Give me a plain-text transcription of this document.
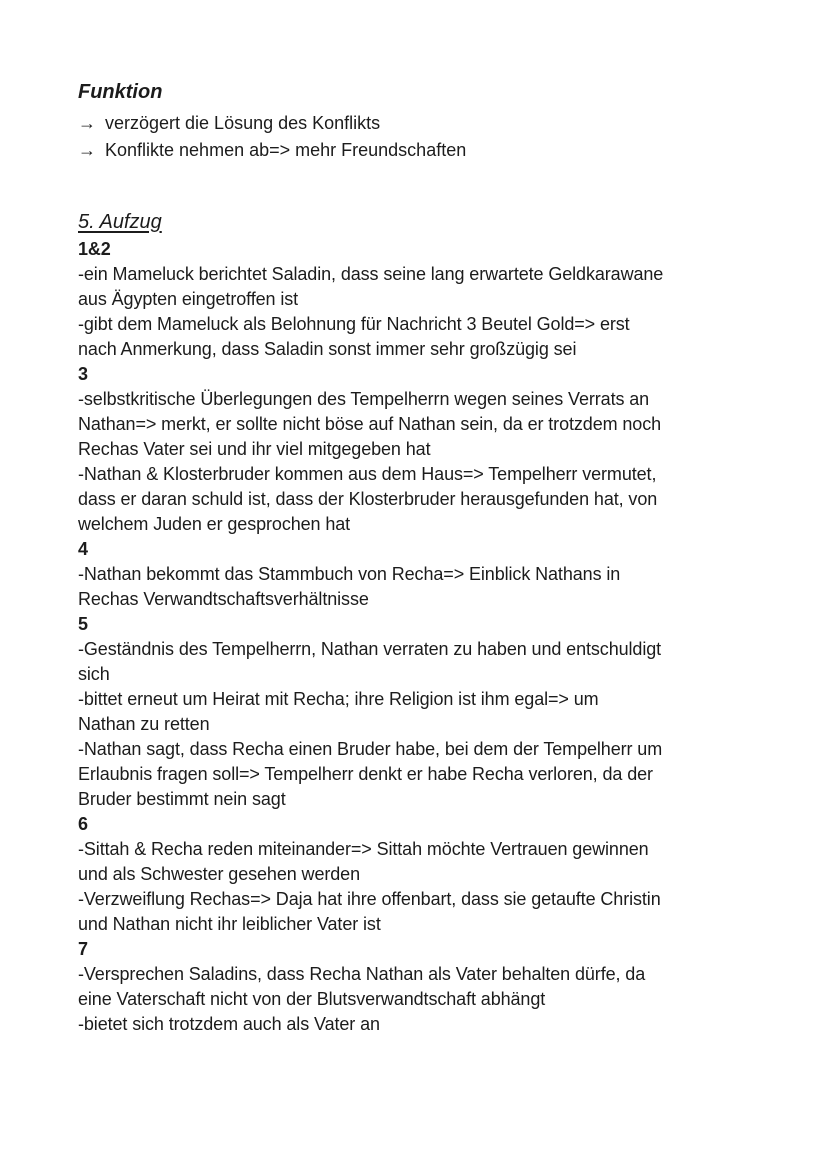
Funktion
→ verzögert die Lösung des Konflikts
→ Konflikte nehmen ab=> mehr Freundschaften
5. Aufzug
1&2
-ein Mameluck berichtet Saladin, dass seine lang erwartete Geldkarawane
aus Ägypten eingetroffen ist
-gibt dem Mameluck als Belohnung für Nachricht 3 Beutel Gold=> erst
nach Anmerkung, dass Saladin sonst immer sehr großzügig sei
3
-selbstkritische Überlegungen des Tempelherrn wegen seines Verrats an
Nathan=> merkt, er sollte nicht böse auf Nathan sein, da er trotzdem noch
Rechas Vater sei und ihr viel mitgegeben hat
-Nathan & Klosterbruder kommen aus dem Haus=> Tempelherr vermutet,
dass er daran schuld ist, dass der Klosterbruder herausgefunden hat, von
welchem Juden er gesprochen hat
4
-Nathan bekommt das Stammbuch von Recha=> Einblick Nathans in
Rechas Verwandtschaftsverhältnisse
5
-Geständnis des Tempelherrn, Nathan verraten zu haben und entschuldigt
sich
-bittet erneut um Heirat mit Recha; ihre Religion ist ihm egal=> um
Nathan zu retten
-Nathan sagt, dass Recha einen Bruder habe, bei dem der Tempelherr um
Erlaubnis fragen soll=> Tempelherr denkt er habe Recha verloren, da der
Bruder bestimmt nein sagt
6
-Sittah & Recha reden miteinander=> Sittah möchte Vertrauen gewinnen
und als Schwester gesehen werden
-Verzweiflung Rechas=> Daja hat ihre offenbart, dass sie getaufte Christin
und Nathan nicht ihr leiblicher Vater ist
7
-Versprechen Saladins, dass Recha Nathan als Vater behalten dürfe, da
eine Vaterschaft nicht von der Blutsverwandtschaft abhängt
-bietet sich trotzdem auch als Vater an
